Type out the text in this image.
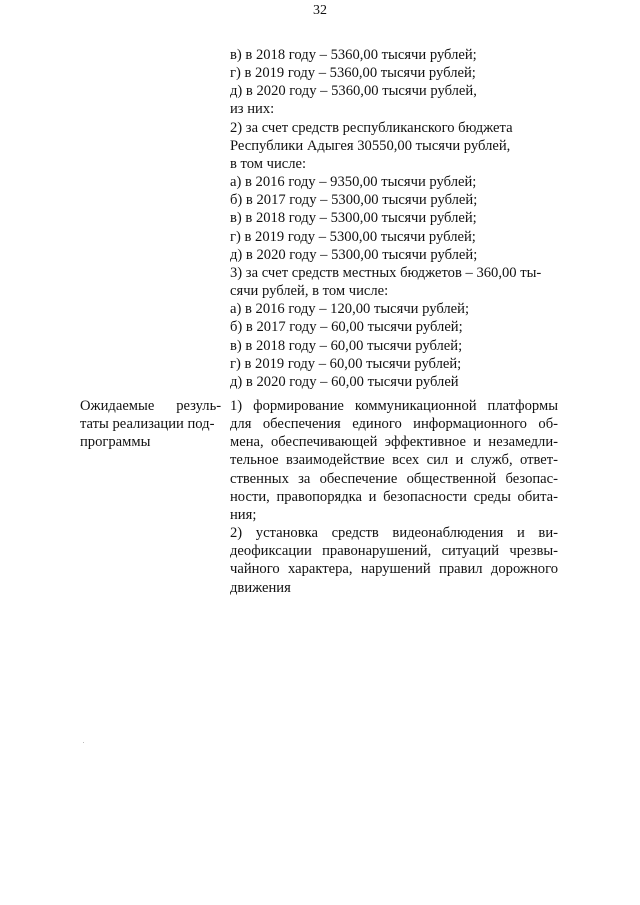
32
в) в 2018 году – 5360,00 тысячи рублей;
г) в 2019 году – 5360,00 тысячи рублей;
д) в 2020 году – 5360,00 тысячи рублей,
из них:
2) за счет средств республиканского бюджета
Республики Адыгея 30550,00 тысячи рублей,
в том числе:
а) в 2016 году – 9350,00 тысячи рублей;
б) в 2017 году – 5300,00 тысячи рублей;
в) в 2018 году – 5300,00 тысячи рублей;
г) в 2019 году – 5300,00 тысячи рублей;
д) в 2020 году – 5300,00 тысячи рублей;
3) за счет средств местных бюджетов – 360,00 ты-
сячи рублей, в том числе:
а) в 2016 году – 120,00 тысячи рублей;
б) в 2017 году – 60,00 тысячи рублей;
в) в 2018 году – 60,00 тысячи рублей;
г) в 2019 году – 60,00 тысячи рублей;
д) в 2020 году – 60,00 тысячи рублей
Ожидаемые      резуль-
таты реализации под-
программы
1) формирование коммуникационной платформы
для обеспечения единого информационного об-
мена, обеспечивающей эффективное и незамедли-
тельное взаимодействие всех сил и служб, ответ-
ственных за обеспечение общественной безопас-
ности, правопорядка и безопасности среды обита-
ния;
2) установка средств видеонаблюдения и ви-
деофиксации правонарушений, ситуаций чрезвы-
чайного характера, нарушений правил дорожного
движения
